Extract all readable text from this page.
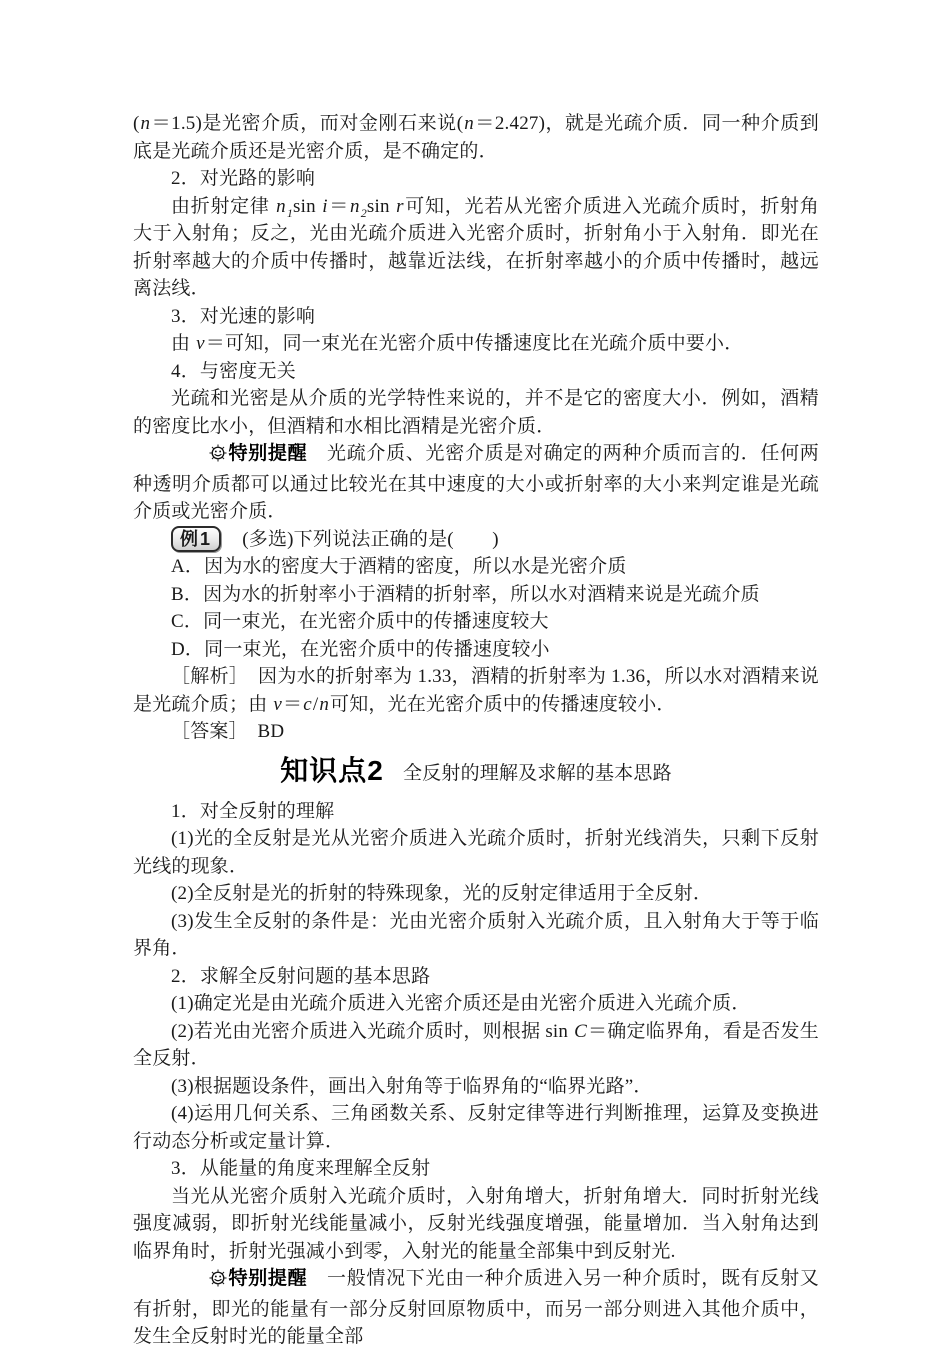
(n＝1.5)是光密介质，而对金刚石来说(n＝2.427)，就是光疏介质．同一种介质到底是光疏介质还是光密介质，是不确定的．

2．对光路的影响

由折射定律 $n_1\sin$ $i=n_2\sin$ r可知，光若从光密介质进入光疏介质时，折射角大于入射角；反之，光由光疏介质进入光密介质时，折射角小于入射角．即光在折射率越大的介质中传播时，越靠近法线，在折射率越小的介质中传播时，越远离法线．

3．对光速的影响

由 v＝可知，同一束光在光密介质中传播速度比在光疏介质中要小．

4．与密度无关

光疏和光密是从介质的光学特性来说的，并不是它的密度大小．例如，酒精的密度比水小，但酒精和水相比酒精是光密介质．

特别提醒　光疏介质、光密介质是对确定的两种介质而言的．任何两种透明介质都可以通过比较光在其中速度的大小或折射率的大小来判定谁是光疏介质或光密介质．

例1　(多选)下列说法正确的是(　　)

A．因为水的密度大于酒精的密度，所以水是光密介质

B．因为水的折射率小于酒精的折射率，所以水对酒精来说是光疏介质

C．同一束光，在光密介质中的传播速度较大

D．同一束光，在光密介质中的传播速度较小

［解析］　因为水的折射率为 1.33，酒精的折射率为 1.36，所以水对酒精来说是光疏介质；由 v＝c/n可知，光在光密介质中的传播速度较小．

［答案］　BD

知识点2　全反射的理解及求解的基本思路

1．对全反射的理解

(1)光的全反射是光从光密介质进入光疏介质时，折射光线消失，只剩下反射光线的现象．

(2)全反射是光的折射的特殊现象，光的反射定律适用于全反射．

(3)发生全反射的条件是：光由光密介质射入光疏介质，且入射角大于等于临界角．

2．求解全反射问题的基本思路

(1)确定光是由光疏介质进入光密介质还是由光密介质进入光疏介质．

(2)若光由光密介质进入光疏介质时，则根据 sin C＝确定临界角，看是否发生全反射．

(3)根据题设条件，画出入射角等于临界角的“临界光路”．

(4)运用几何关系、三角函数关系、反射定律等进行判断推理，运算及变换进行动态分析或定量计算．

3．从能量的角度来理解全反射

当光从光密介质射入光疏介质时，入射角增大，折射角增大．同时折射光线强度减弱，即折射光线能量减小，反射光线强度增强，能量增加．当入射角达到临界角时，折射光强减小到零，入射光的能量全部集中到反射光.

特别提醒　一般情况下光由一种介质进入另一种介质时，既有反射又有折射，即光的能量有一部分反射回原物质中，而另一部分则进入其他介质中，发生全反射时光的能量全部
